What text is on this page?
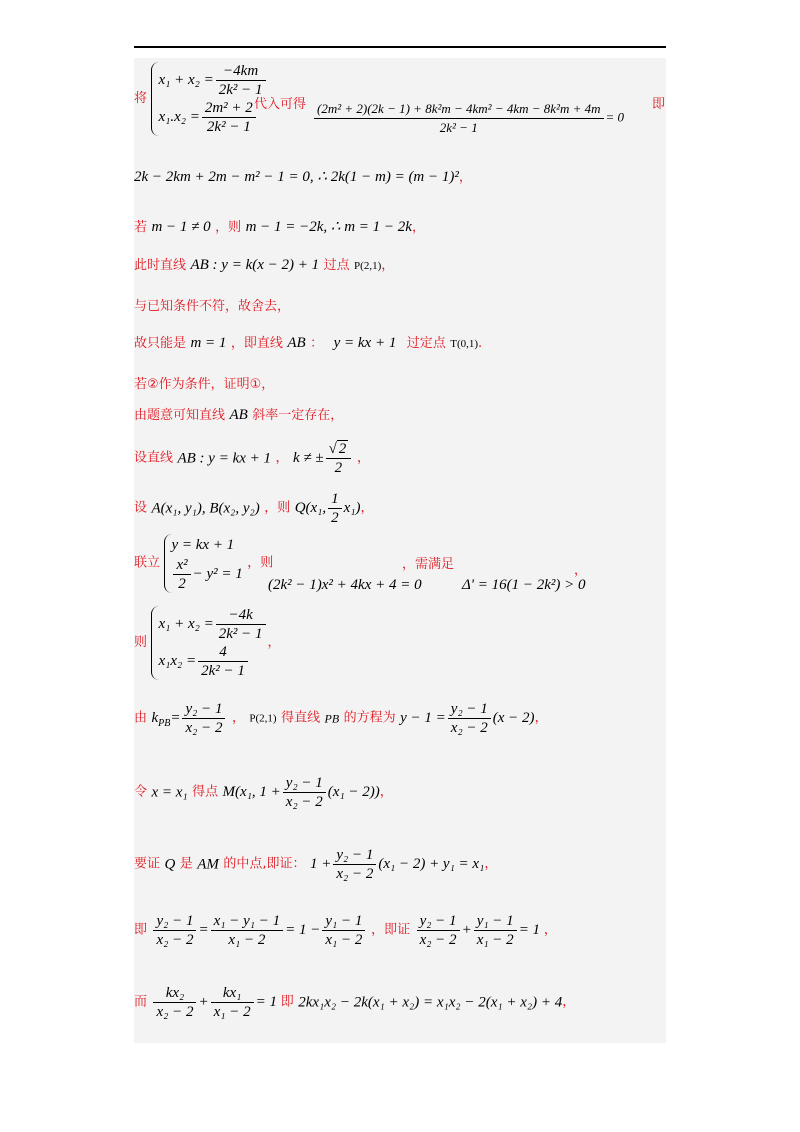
将
$x_1 + x_2 = \frac{-4km}{\text{2k² − 1}}$
$x_1.x_2 = \frac{\text{2m² + 2}}{\text{2k² − 1}}$
代入可得 $\frac{\text{(2m² + 2)(2k − 1) + 8k²m − 4km² − 4km − 8k²m + 4m}}{\text{2k² − 1}} = 0$
即
2k − 2km + 2m − m² − 1 = 0, ∴ 2k(1 − m) = (m − 1)²，
若 m − 1 ≠ 0 ，则 m − 1 = −2k, ∴ m = 1 − 2k，
此时直线 AB : y = k(x − 2) + 1 过点 P(2,1)，
与已知条件不符，故舍去，
故只能是 m = 1 ，即直线 AB ： y = kx + 1 过定点 T(0,1).
若②作为条件，证明①，
由题意可知直线 AB 斜率一定存在，
设直线 AB : y = kx + 1 ， k ≠ ± $\frac{√ 2}{2}$ ，
设 A(x₁, y₁), B(x₂, y₂) ，则 Q(x₁, $\frac{1}{2} x_1$)，
联立
y = kx + 1
$\frac{\text{x²}}{2} - y^2 = 1$
，则
(2k² − 1)x² + 4kx + 4 = 0
，需满足
Δ' = 16(1 − 2k²) > 0
，
则
$x_1 + x_2 = \frac{-4k}{\text{2k² − 1}}$
$x_1x_2 = \frac{4}{\text{2k² − 1}}$
，
由 $k_{PB}= \frac{\text{y₂ − 1}}{\text{x₂ − 2}}$ ， P(2,1) 得直线 PB 的方程为 $y - 1 = \frac{\text{y₂ − 1}}{\text{x₂ − 2}} (x - 2)$，
令 x = x₁ 得点 M(x₁, $1 + \frac{\text{y₂ − 1}}{\text{x₂ − 2}} (x_1 - 2)$)，
要证 Q 是 AM 的中点,即证： $1 + \frac{\text{y₂ − 1}}{\text{x₂ − 2}} (x_1 - 2) + y_1 = x_1$，
即 $\frac{\text{y₂ − 1}}{\text{x₂ − 2}} = \frac{\text{x₁ − y₁ − 1}}{\text{x₁ − 2}} = 1 - \frac{\text{y₁ − 1}}{\text{x₁ − 2}}$ ，即证 $\frac{\text{y₂ − 1}}{\text{x₂ − 2}} + \frac{\text{y₁ − 1}}{\text{x₁ − 2}} = 1$ ，
而 $\frac{\text{kx₂}}{\text{x₂ − 2}} + \frac{\text{kx₁}}{\text{x₁ − 2}} = 1$ 即 2kx₁x₂ − 2k(x₁ + x₂) = x₁x₂ − 2(x₁ + x₂) + 4，
